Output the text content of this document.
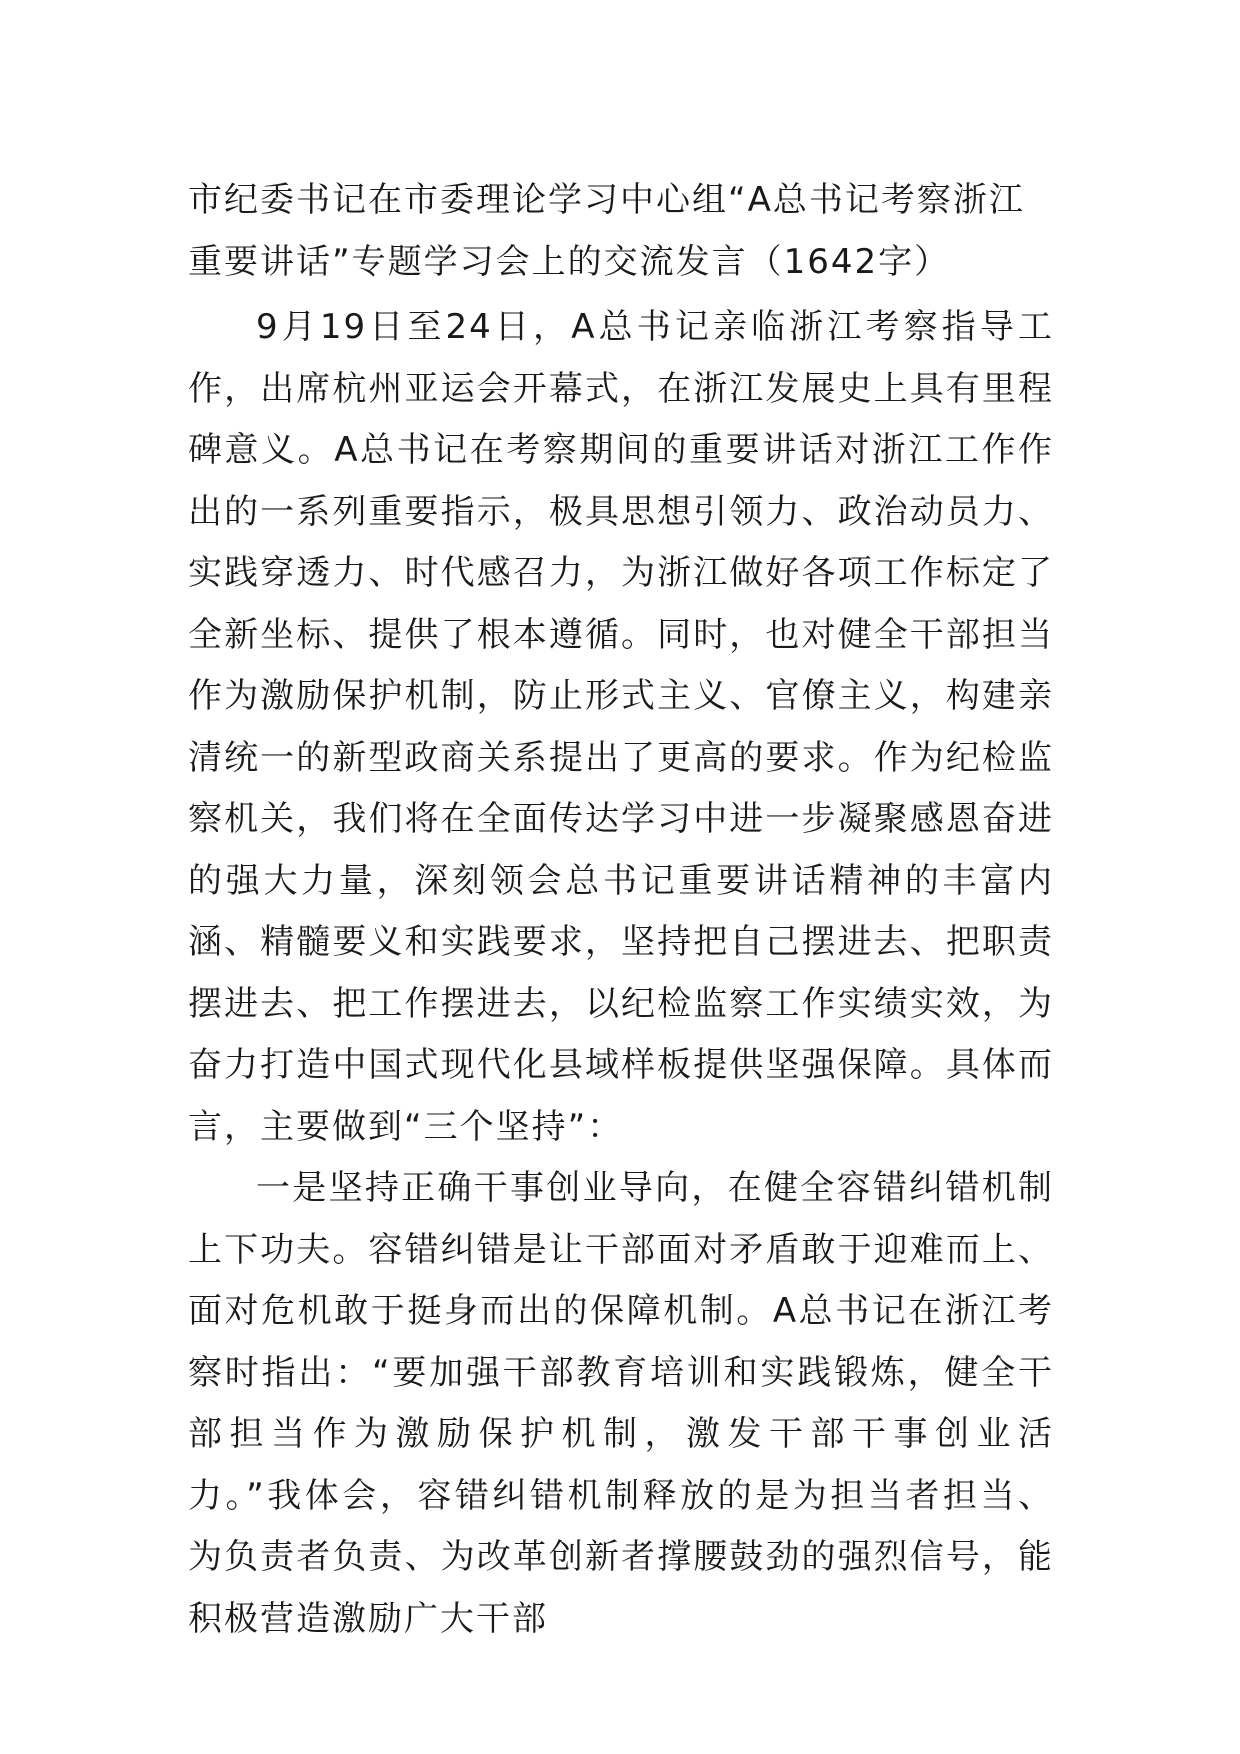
市纪委书记在市委理论学习中心组“A总书记考察浙江重要讲话”专题学习会上的交流发言（1642字）

9月19日至24日，A总书记亲临浙江考察指导工作，出席杭州亚运会开幕式，在浙江发展史上具有里程碑意义。A总书记在考察期间的重要讲话对浙江工作作出的一系列重要指示，极具思想引领力、政治动员力、实践穿透力、时代感召力，为浙江做好各项工作标定了全新坐标、提供了根本遵循。同时，也对健全干部担当作为激励保护机制，防止形式主义、官僚主义，构建亲清统一的新型政商关系提出了更高的要求。作为纪检监察机关，我们将在全面传达学习中进一步凝聚感恩奋进的强大力量，深刻领会总书记重要讲话精神的丰富内涵、精髓要义和实践要求，坚持把自己摆进去、把职责摆进去、把工作摆进去，以纪检监察工作实绩实效，为奋力打造中国式现代化县域样板提供坚强保障。具体而言，主要做到“三个坚持”：

一是坚持正确干事创业导向，在健全容错纠错机制上下功夫。容错纠错是让干部面对矛盾敢于迎难而上、面对危机敢于挺身而出的保障机制。A总书记在浙江考察时指出：“要加强干部教育培训和实践锻炼，健全干部担当作为激励保护机制，激发干部干事创业活力。”我体会，容错纠错机制释放的是为担当者担当、为负责者负责、为改革创新者撑腰鼓劲的强烈信号，能积极营造激励广大干部
